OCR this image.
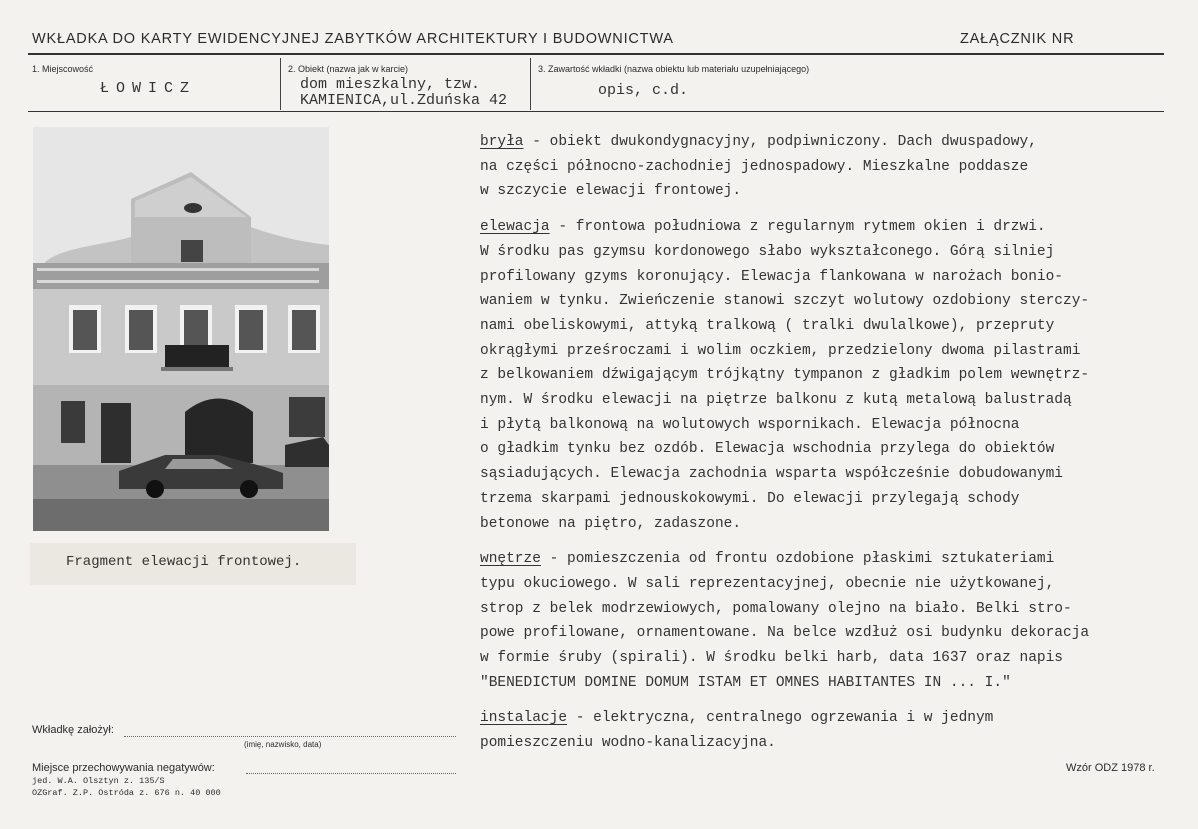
WKŁADKA DO KARTY EWIDENCYJNEJ ZABYTKÓW ARCHITEKTURY I BUDOWNICTWA	ZAŁĄCZNIK NR
1. Miejscowość
ŁOWICZ
2. Obiekt (nazwa jak w karcie)
dom mieszkalny, tzw.
KAMIENICA,ul.Zduńska 42
3. Zawartość wkładki (nazwa obiektu lub materiału uzupełniającego)
opis, c.d.
Fragment elewacji frontowej.
bryła - obiekt dwukondygnacyjny, podpiwniczony. Dach dwuspadowy,
na części północno-zachodniej jednospadowy. Mieszkalne poddasze
w szczycie elewacji frontowej.
elewacja - frontowa południowa z regularnym rytmem okien i drzwi.
W środku pas gzymsu kordonowego słabo wykształconego. Górą silniej
profilowany gzyms koronujący. Elewacja flankowana w narożach bonio-
waniem w tynku. Zwieńczenie stanowi szczyt wolutowy ozdobiony sterczy-
nami obeliskowymi, attyką tralkową ( tralki dwulalkowe), przepruty
okrągłymi prześroczami i wolim oczkiem, przedzielony dwoma pilastrami
z belkowaniem dźwigającym trójkątny tympanon z gładkim polem wewnętrz-
nym. W środku elewacji na piętrze balkonu z kutą metalową balustradą
i płytą balkonową na wolutowych wspornikach. Elewacja północna
o gładkim tynku bez ozdób. Elewacja wschodnia przylega do obiektów
sąsiadujących. Elewacja zachodnia wsparta współcześnie dobudowanymi
trzema skarpami jednouskokowymi. Do elewacji przylegają schody
betonowe na piętro, zadaszone.
wnętrze - pomieszczenia od frontu ozdobione płaskimi sztukateriami
typu okuciowego. W sali reprezentacyjnej, obecnie nie użytkowanej,
strop z belek modrzewiowych, pomalowany olejno na biało. Belki stro-
powe profilowane, ornamentowane. Na belce wzdłuż osi budynku dekoracja
w formie śruby (spirali). W środku belki harb, data 1637 oraz napis
"BENEDICTUM DOMINE DOMUM ISTAM ET OMNES HABITANTES IN ... I."
instalacje - elektryczna, centralnego ogrzewania i w jednym
pomieszczeniu wodno-kanalizacyjna.
Wkładkę założył:
(imię, nazwisko, data)
Miejsce przechowywania negatywów:
jed. W.A. Olsztyn z. 135/S
OZGraf. Z.P. Ostróda z. 676 n. 40 000
Wzór ODZ 1978 r.
